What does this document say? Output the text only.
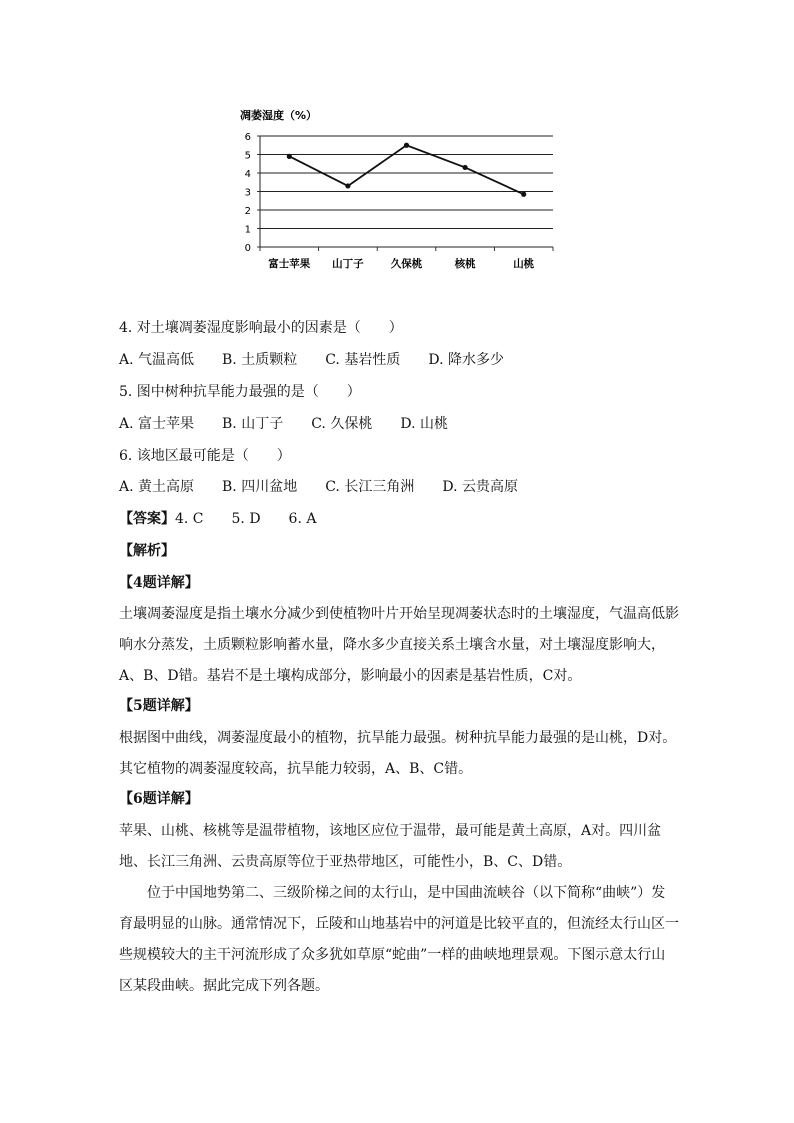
凋萎湿度（%）
0
1
2
3
4
5
6
富士苹果 山丁子	久保桃	核桃	山桃
4. 对土壤凋萎湿度影响最小的因素是（　　）
A. 气温高低 B. 土质颗粒 C. 基岩性质 D. 降水多少
5. 图中树种抗旱能力最强的是（　　）
A. 富士苹果 B. 山丁子 C. 久保桃 D. 山桃
6. 该地区最可能是（　　）
A. 黄土高原 B. 四川盆地 C. 长江三角洲 D. 云贵高原
【答案】4. C　　5. D　　6. A
【解析】
【4题详解】

土壤凋萎湿度是指土壤水分减少到使植物叶片开始呈现凋萎状态时的土壤湿度，气温高低影响水分蒸发，土质颗粒影响蓄水量，降水多少直接关系土壤含水量，对土壤湿度影响大，A、B、D错。基岩不是土壤构成部分，影响最小的因素是基岩性质，C对。

【5题详解】

根据图中曲线，凋萎湿度最小的植物，抗旱能力最强。树种抗旱能力最强的是山桃，D对。其它植物的凋萎湿度较高，抗旱能力较弱，A、B、C错。

【6题详解】

苹果、山桃、核桃等是温带植物，该地区应位于温带，最可能是黄土高原，A对。四川盆地、长江三角洲、云贵高原等位于亚热带地区，可能性小，B、C、D错。

位于中国地势第二、三级阶梯之间的太行山，是中国曲流峡谷（以下简称“曲峡”）发育最明显的山脉。通常情况下，丘陵和山地基岩中的河道是比较平直的，但流经太行山区一些规模较大的主干河流形成了众多犹如草原“蛇曲”一样的曲峡地理景观。下图示意太行山区某段曲峡。据此完成下列各题。
